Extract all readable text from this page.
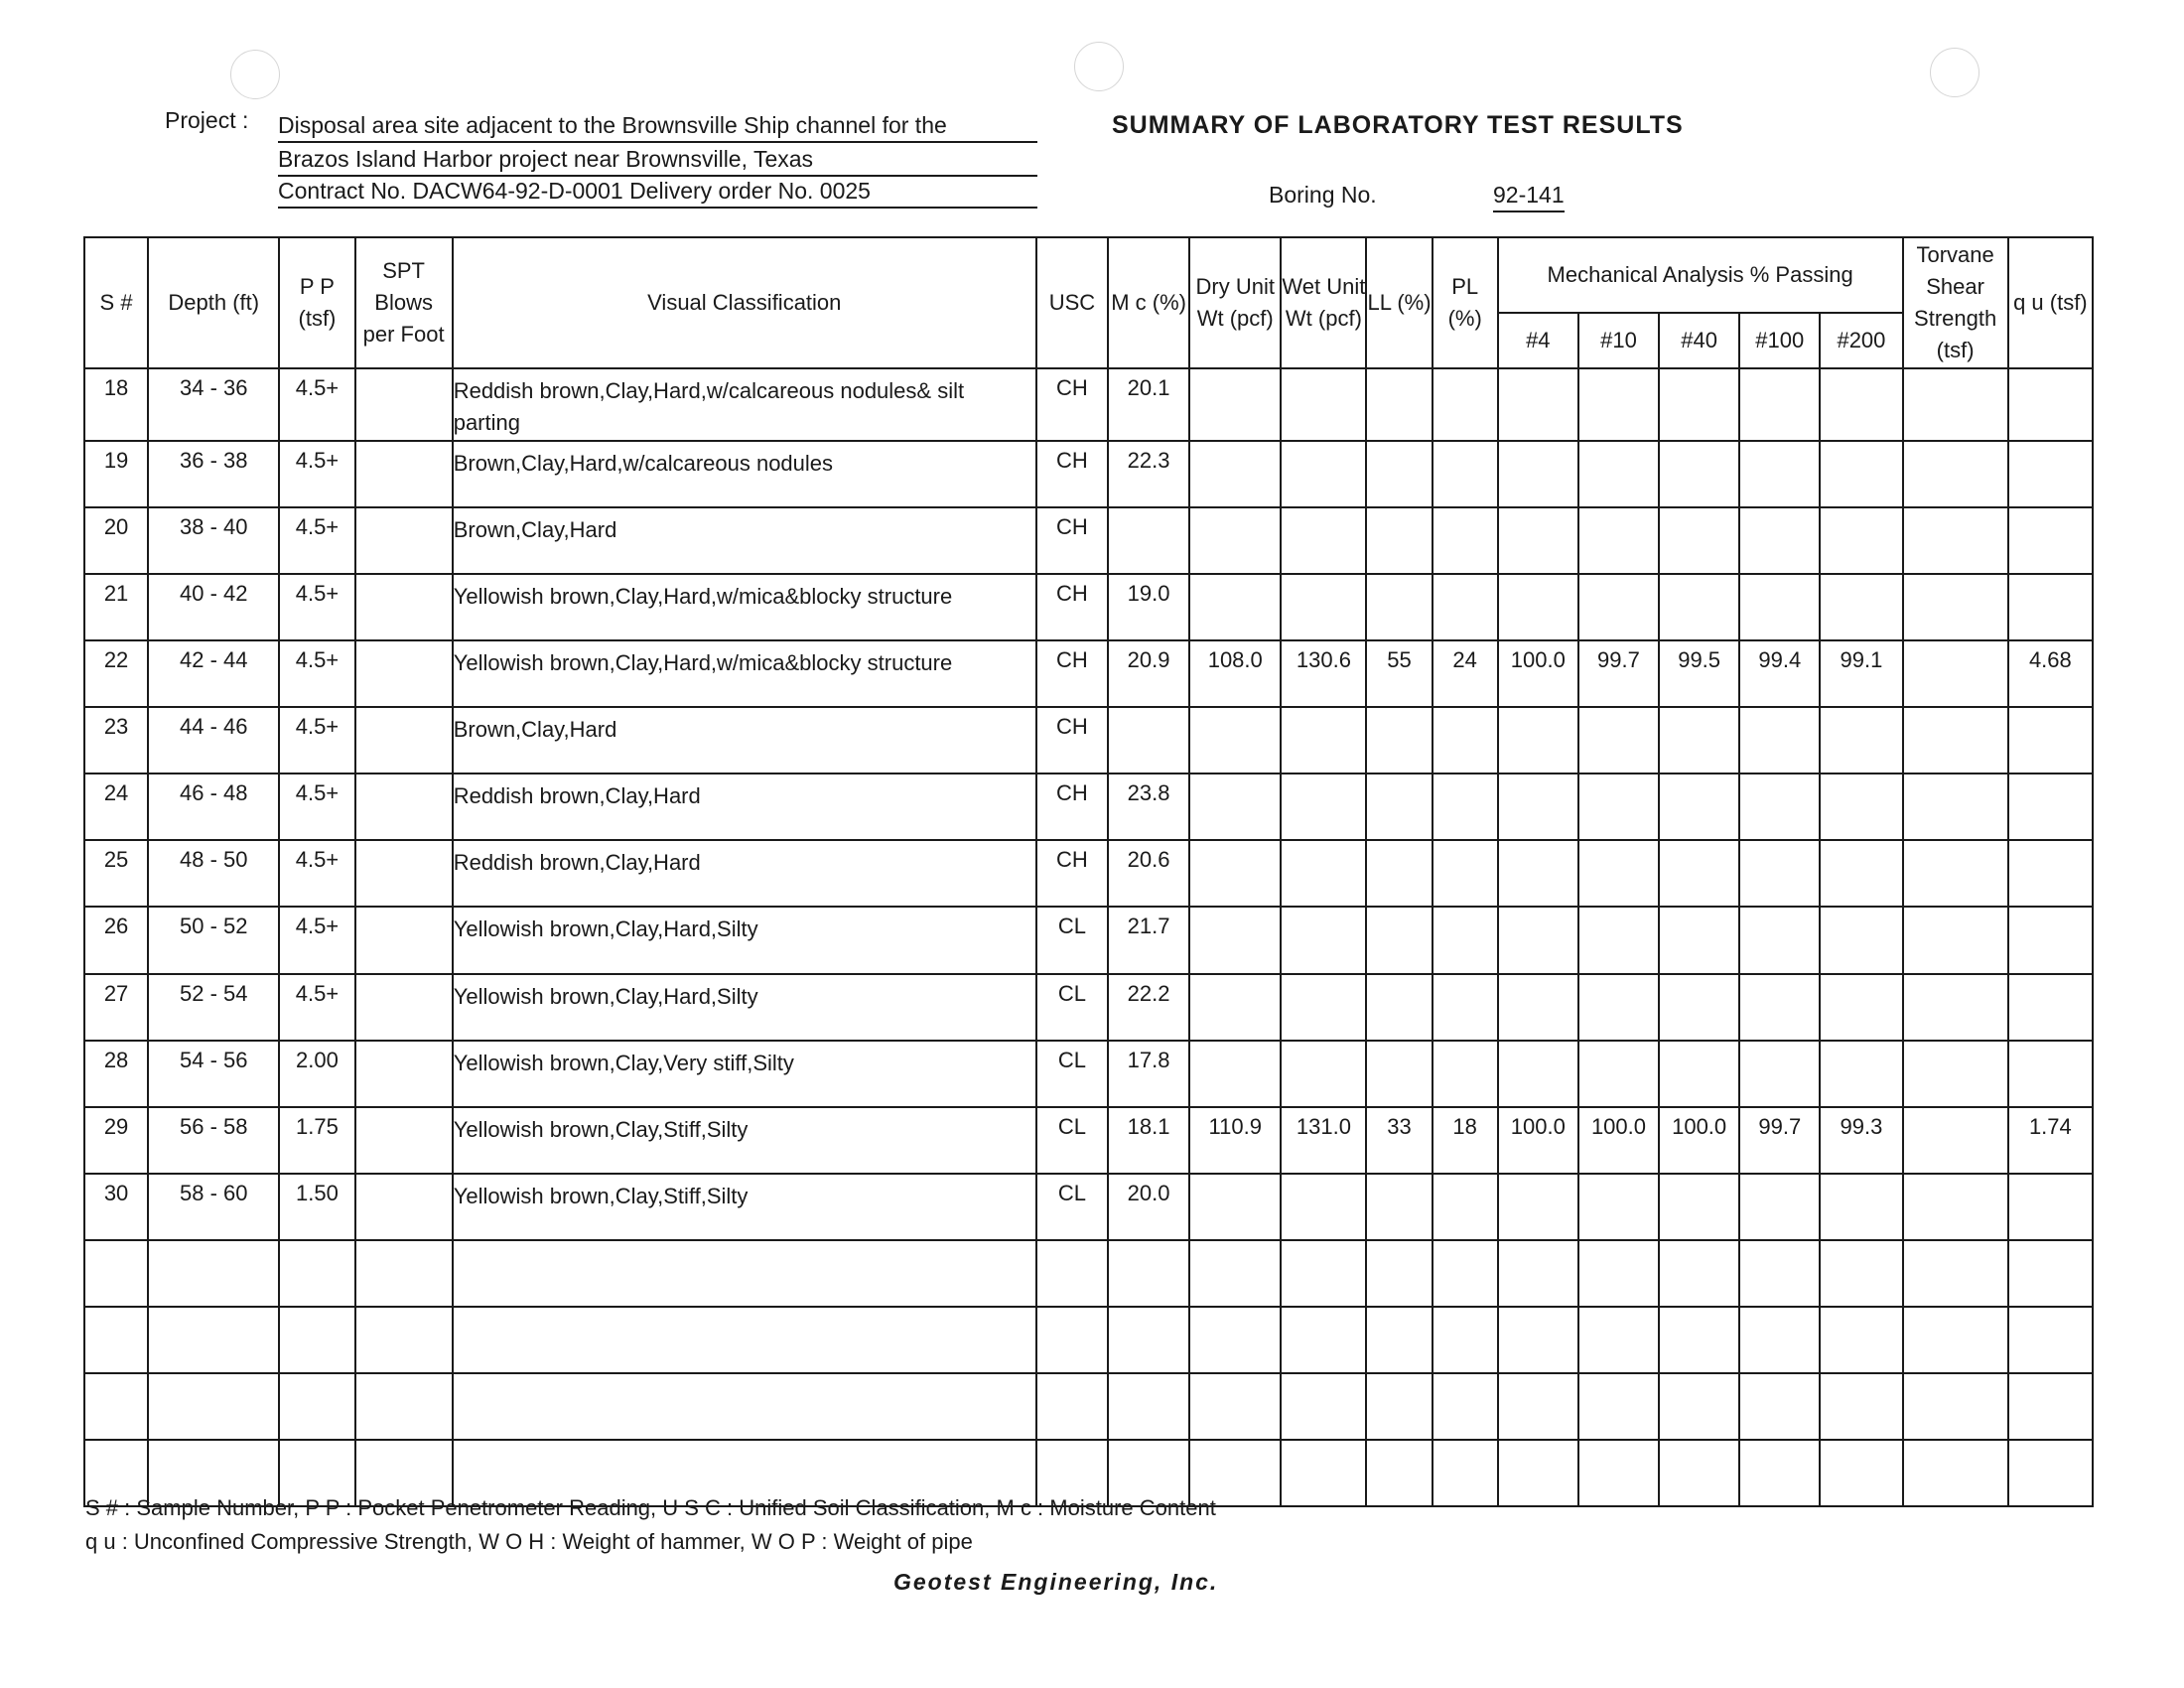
Project : Disposal area site adjacent to the Brownsville Ship channel for the
Brazos Island Harbor project near Brownsville, Texas
Contract No. DACW64-92-D-0001 Delivery order No. 0025
SUMMARY OF LABORATORY TEST RESULTS
Boring No.	92-141
S #	Depth (ft)	P P (tsf)	SPT Blows per Foot	Visual Classification	USC	M c (%)	Dry Unit Wt (pcf)	Wet Unit Wt (pcf)	LL (%)	PL (%)	Mechanical Analysis % Passing					Torvane Shear Strength (tsf)	q u (tsf)
											#4	#10	#40	#100	#200		
18	34 - 36	4.5+		Reddish brown,Clay,Hard,w/calcareous nodules& silt parting	CH	20.1											
19	36 - 38	4.5+		Brown,Clay,Hard,w/calcareous nodules	CH	22.3											
20	38 - 40	4.5+		Brown,Clay,Hard	CH												
21	40 - 42	4.5+		Yellowish brown,Clay,Hard,w/mica&blocky structure	CH	19.0											
22	42 - 44	4.5+		Yellowish brown,Clay,Hard,w/mica&blocky structure	CH	20.9	108.0	130.6	55	24	100.0	99.7	99.5	99.4	99.1		4.68
23	44 - 46	4.5+		Brown,Clay,Hard	CH												
24	46 - 48	4.5+		Reddish brown,Clay,Hard	CH	23.8											
25	48 - 50	4.5+		Reddish brown,Clay,Hard	CH	20.6											
26	50 - 52	4.5+		Yellowish brown,Clay,Hard,Silty	CL	21.7											
27	52 - 54	4.5+		Yellowish brown,Clay,Hard,Silty	CL	22.2											
28	54 - 56	2.00		Yellowish brown,Clay,Very stiff,Silty	CL	17.8											
29	56 - 58	1.75		Yellowish brown,Clay,Stiff,Silty	CL	18.1	110.9	131.0	33	18	100.0	100.0	100.0	99.7	99.3		1.74
30	58 - 60	1.50		Yellowish brown,Clay,Stiff,Silty	CL	20.0											

S # : Sample Number, P P : Pocket Penetrometer Reading, U S C : Unified Soil Classification, M c : Moisture Content
q u : Unconfined Compressive Strength, W O H : Weight of hammer, W O P : Weight of pipe
Geotest Engineering, Inc.
